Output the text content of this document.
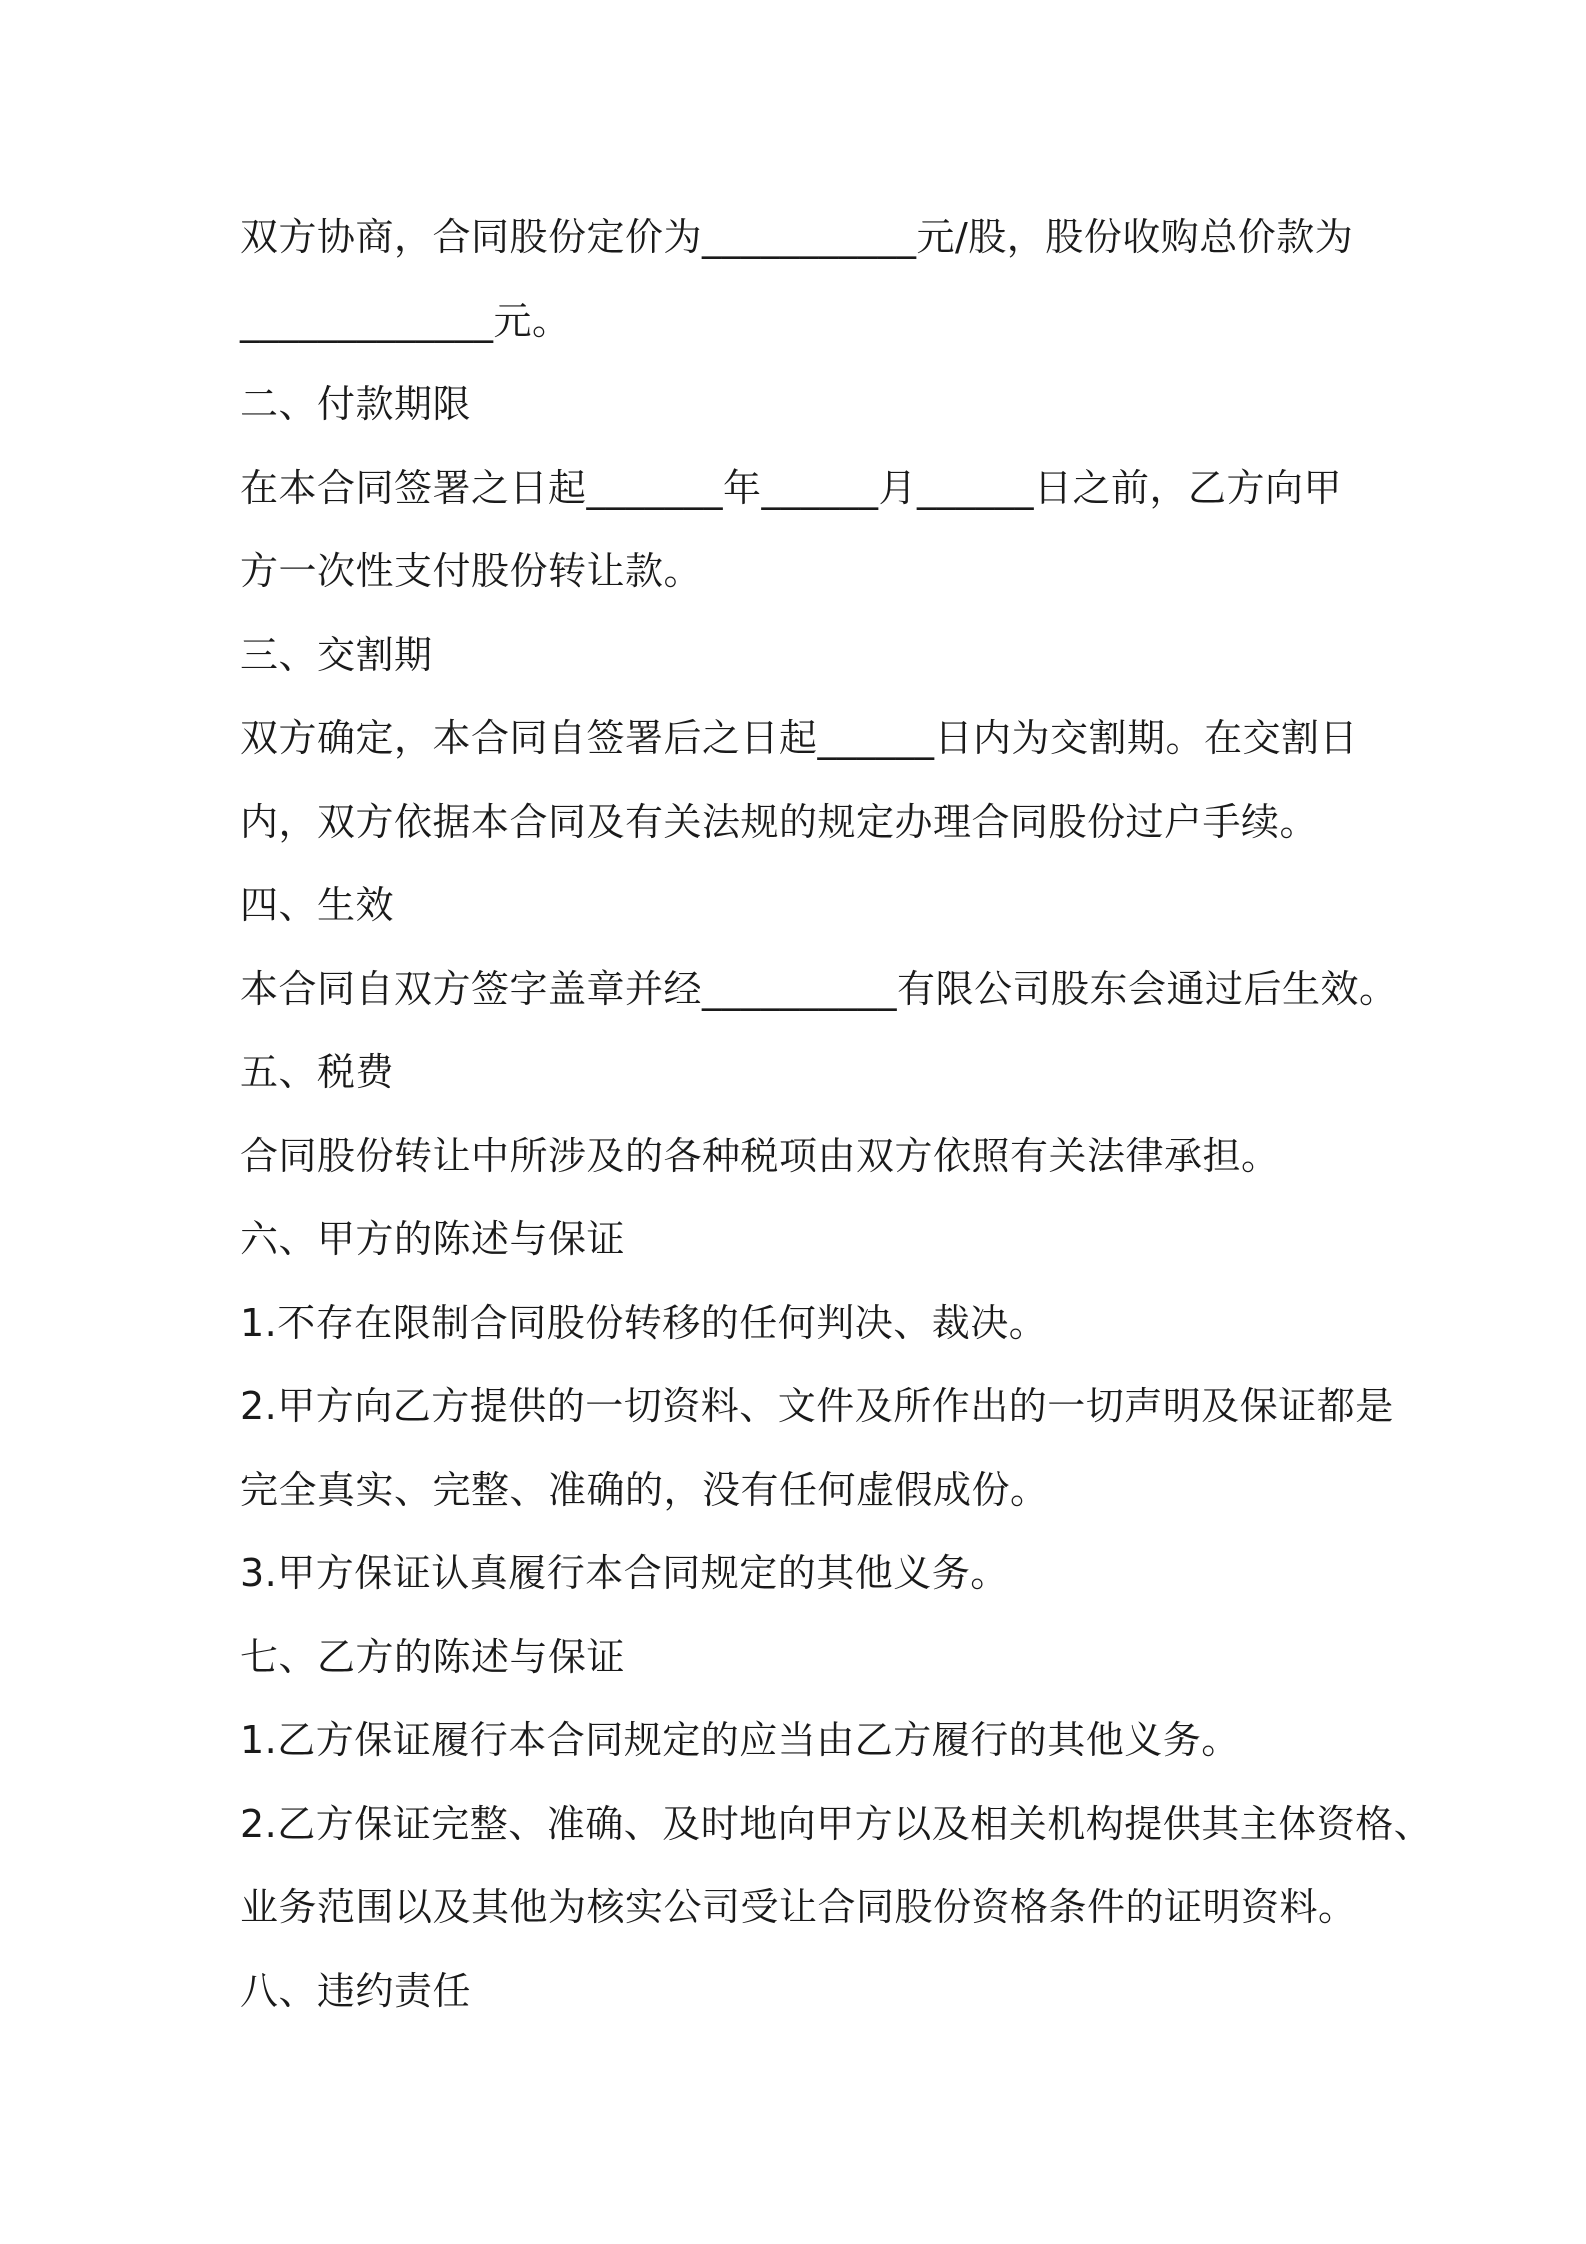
双方协商，合同股份定价为___________元/股，股份收购总价款为
_____________元。
二、付款期限
在本合同签署之日起_______年______月______日之前，乙方向甲
方一次性支付股份转让款。
三、交割期
双方确定，本合同自签署后之日起______日内为交割期。在交割日
内，双方依据本合同及有关法规的规定办理合同股份过户手续。
四、生效
本合同自双方签字盖章并经__________有限公司股东会通过后生效。
五、税费
合同股份转让中所涉及的各种税项由双方依照有关法律承担。
六、甲方的陈述与保证
1.不存在限制合同股份转移的任何判决、裁决。
2.甲方向乙方提供的一切资料、文件及所作出的一切声明及保证都是
完全真实、完整、准确的，没有任何虚假成份。
3.甲方保证认真履行本合同规定的其他义务。
七、乙方的陈述与保证
1.乙方保证履行本合同规定的应当由乙方履行的其他义务。
2.乙方保证完整、准确、及时地向甲方以及相关机构提供其主体资格、
业务范围以及其他为核实公司受让合同股份资格条件的证明资料。
八、违约责任
